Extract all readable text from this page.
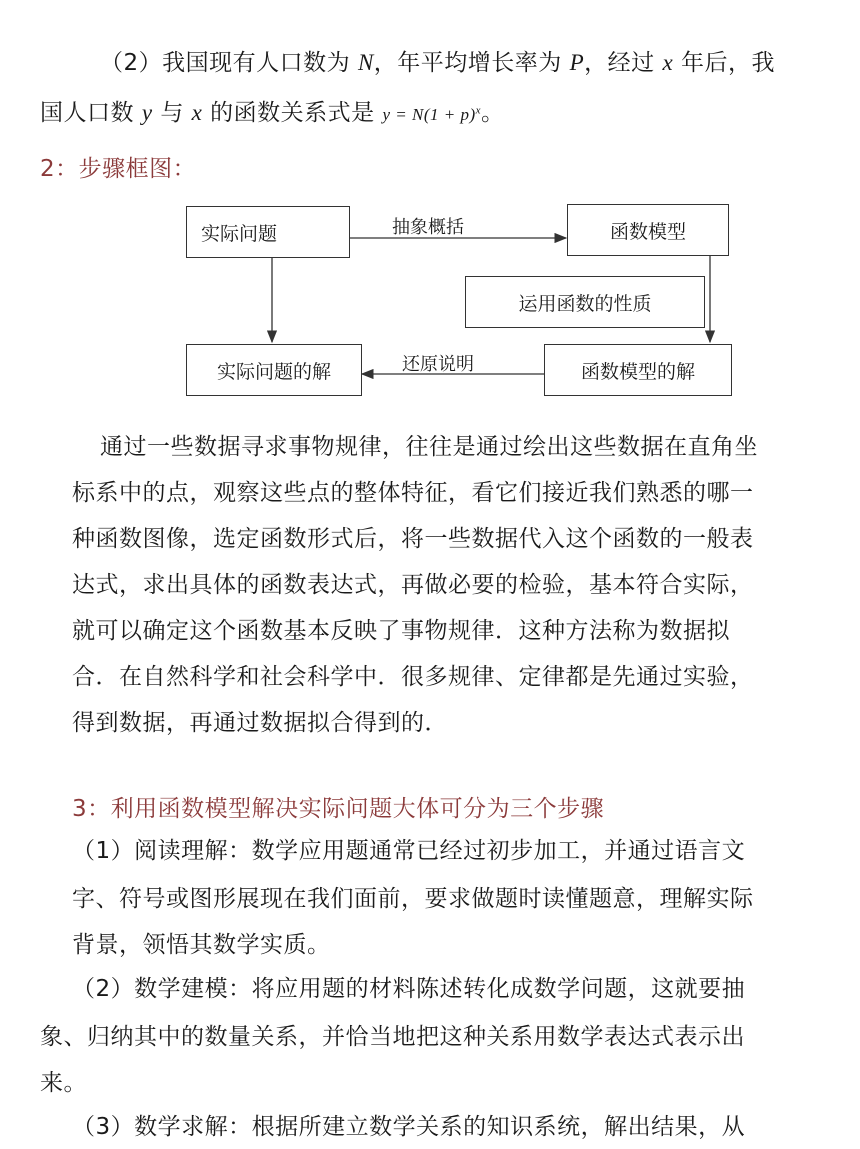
（2）我国现有人口数为 N，年平均增长率为 P，经过 x 年后，我
国人口数 y 与 x 的函数关系式是 $y = N(1 + p)^x$。
2：步骤框图：
实际问题	函数模型
运用函数的性质
实际问题的解	函数模型的解
抽象概括
还原说明
通过一些数据寻求事物规律，往往是通过绘出这些数据在直角坐
标系中的点，观察这些点的整体特征，看它们接近我们熟悉的哪一
种函数图像，选定函数形式后，将一些数据代入这个函数的一般表
达式，求出具体的函数表达式，再做必要的检验，基本符合实际，
就可以确定这个函数基本反映了事物规律．这种方法称为数据拟
合．在自然科学和社会科学中．很多规律、定律都是先通过实验，
得到数据，再通过数据拟合得到的．
3：利用函数模型解决实际问题大体可分为三个步骤
（1）阅读理解：数学应用题通常已经过初步加工，并通过语言文
字、符号或图形展现在我们面前，要求做题时读懂题意，理解实际
背景，领悟其数学实质。
（2）数学建模：将应用题的材料陈述转化成数学问题，这就要抽
象、归纳其中的数量关系，并恰当地把这种关系用数学表达式表示出
来。
（3）数学求解：根据所建立数学关系的知识系统，解出结果，从
